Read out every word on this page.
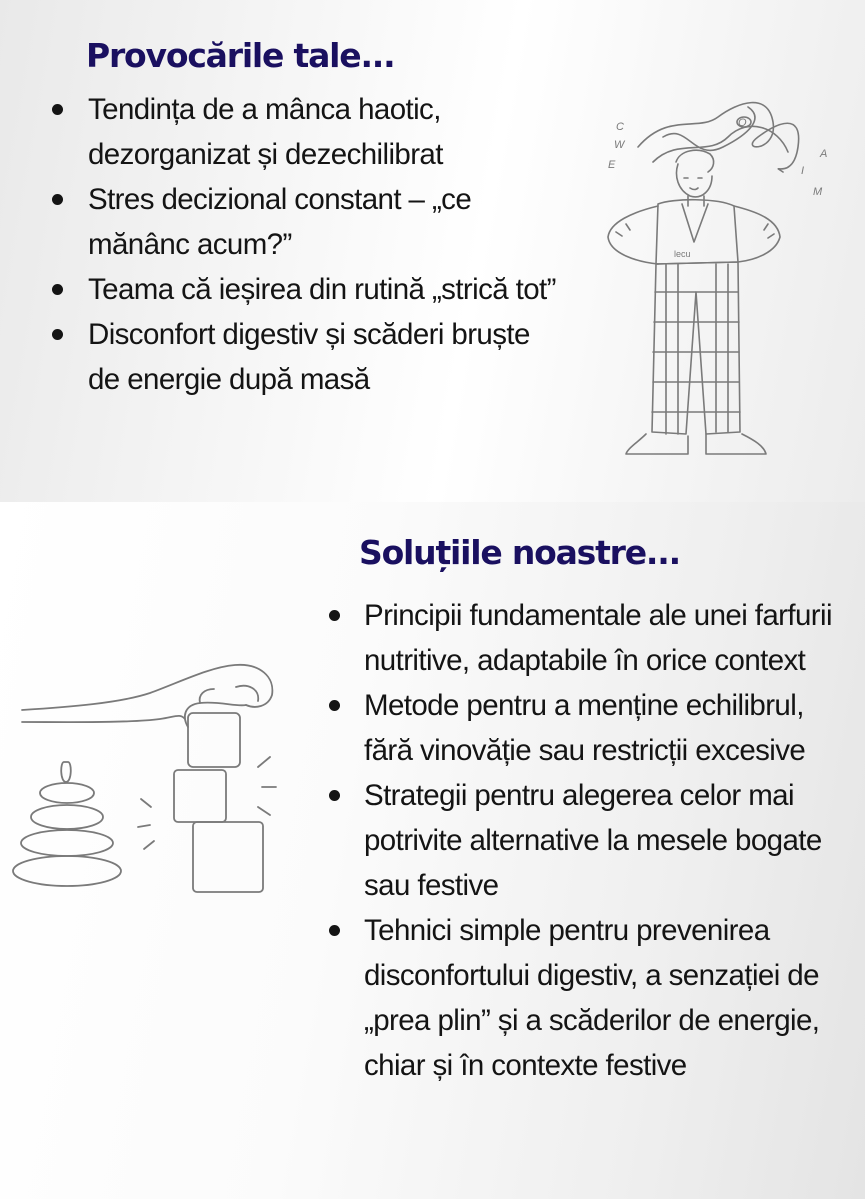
Provocările tale...
Tendința de a mânca haotic, dezorganizat și dezechilibrat
Stres decizional constant – „ce mănânc acum?”
Teama că ieșirea din rutină „strică tot”
Disconfort digestiv și scăderi bruște de energie după masă
C
W
E
O
A
I
M
lecu
Soluțiile noastre...
Principii fundamentale ale unei farfurii nutritive, adaptabile în orice context
Metode pentru a menține echilibrul, fără vinovăție sau restricții excesive
Strategii pentru alegerea celor mai potrivite alternative la mesele bogate sau festive
Tehnici simple pentru prevenirea disconfortului digestiv, a senzației de „prea plin” și a scăderilor de energie, chiar și în contexte festive
